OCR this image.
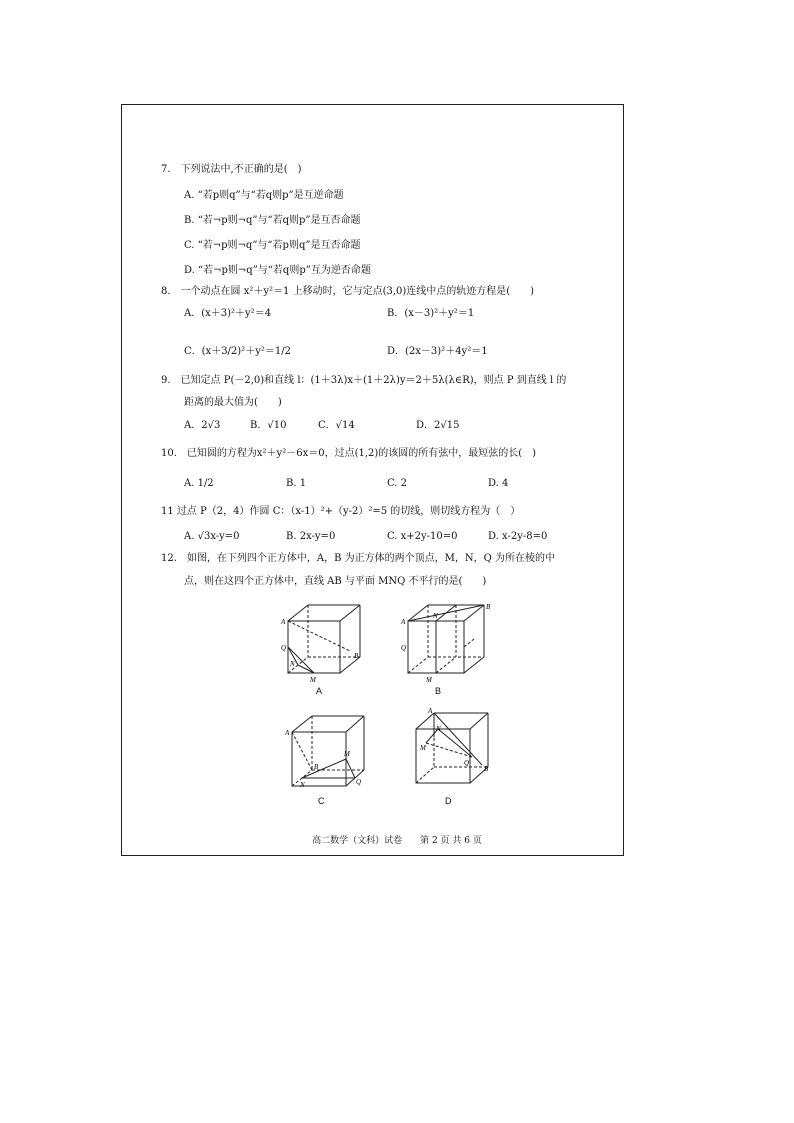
7.　下列说法中,不正确的是(　)
A. “若p则q”与“若q则p”是互逆命题
B. “若¬p则¬q”与“若q则p”是互否命题
C. “若¬p则¬q”与“若p则q”是互否命题
D. “若¬p则¬q”与“若q则p”互为逆否命题
8.　一个动点在圆 x²＋y²＝1 上移动时，它与定点(3,0)连线中点的轨迹方程是(　　)
A．(x＋3)²＋y²＝4	B．(x－3)²＋y²＝1
C．(x＋3/2)²＋y²＝1/2	D．(2x－3)²＋4y²＝1
9.　已知定点 P(－2,0)和直线 l：(1＋3λ)x＋(1＋2λ)y＝2＋5λ(λ∈R)，则点 P 到直线 l 的
距离的最大值为(　　)
A．2√3	B．√10	C．√14	D．2√15
10.　已知圆的方程为x²＋y²－6x＝0，过点(1,2)的该圆的所有弦中，最短弦的长(　)
A. 1/2	B. 1	C. 2	D. 4
11 过点 P（2，4）作圆 C：（x-1）²+（y-2）²=5 的切线，则切线方程为（　）
A. √3x-y=0	B. 2x-y=0	C. x+2y-10=0	D. x-2y-8=0
12.　如图，在下列四个正方体中，A，B 为正方体的两个顶点，M，N，Q 为所在棱的中
点，则在这四个正方体中，直线 AB 与平面 MNQ 不平行的是(　　)
A
B
Q
N
M
A
A
B
N
Q
M
B
A
B
M
N	Q
C
A
N
M
Q
B
D
高二数学（文科）试卷　　第 2 页 共 6 页
